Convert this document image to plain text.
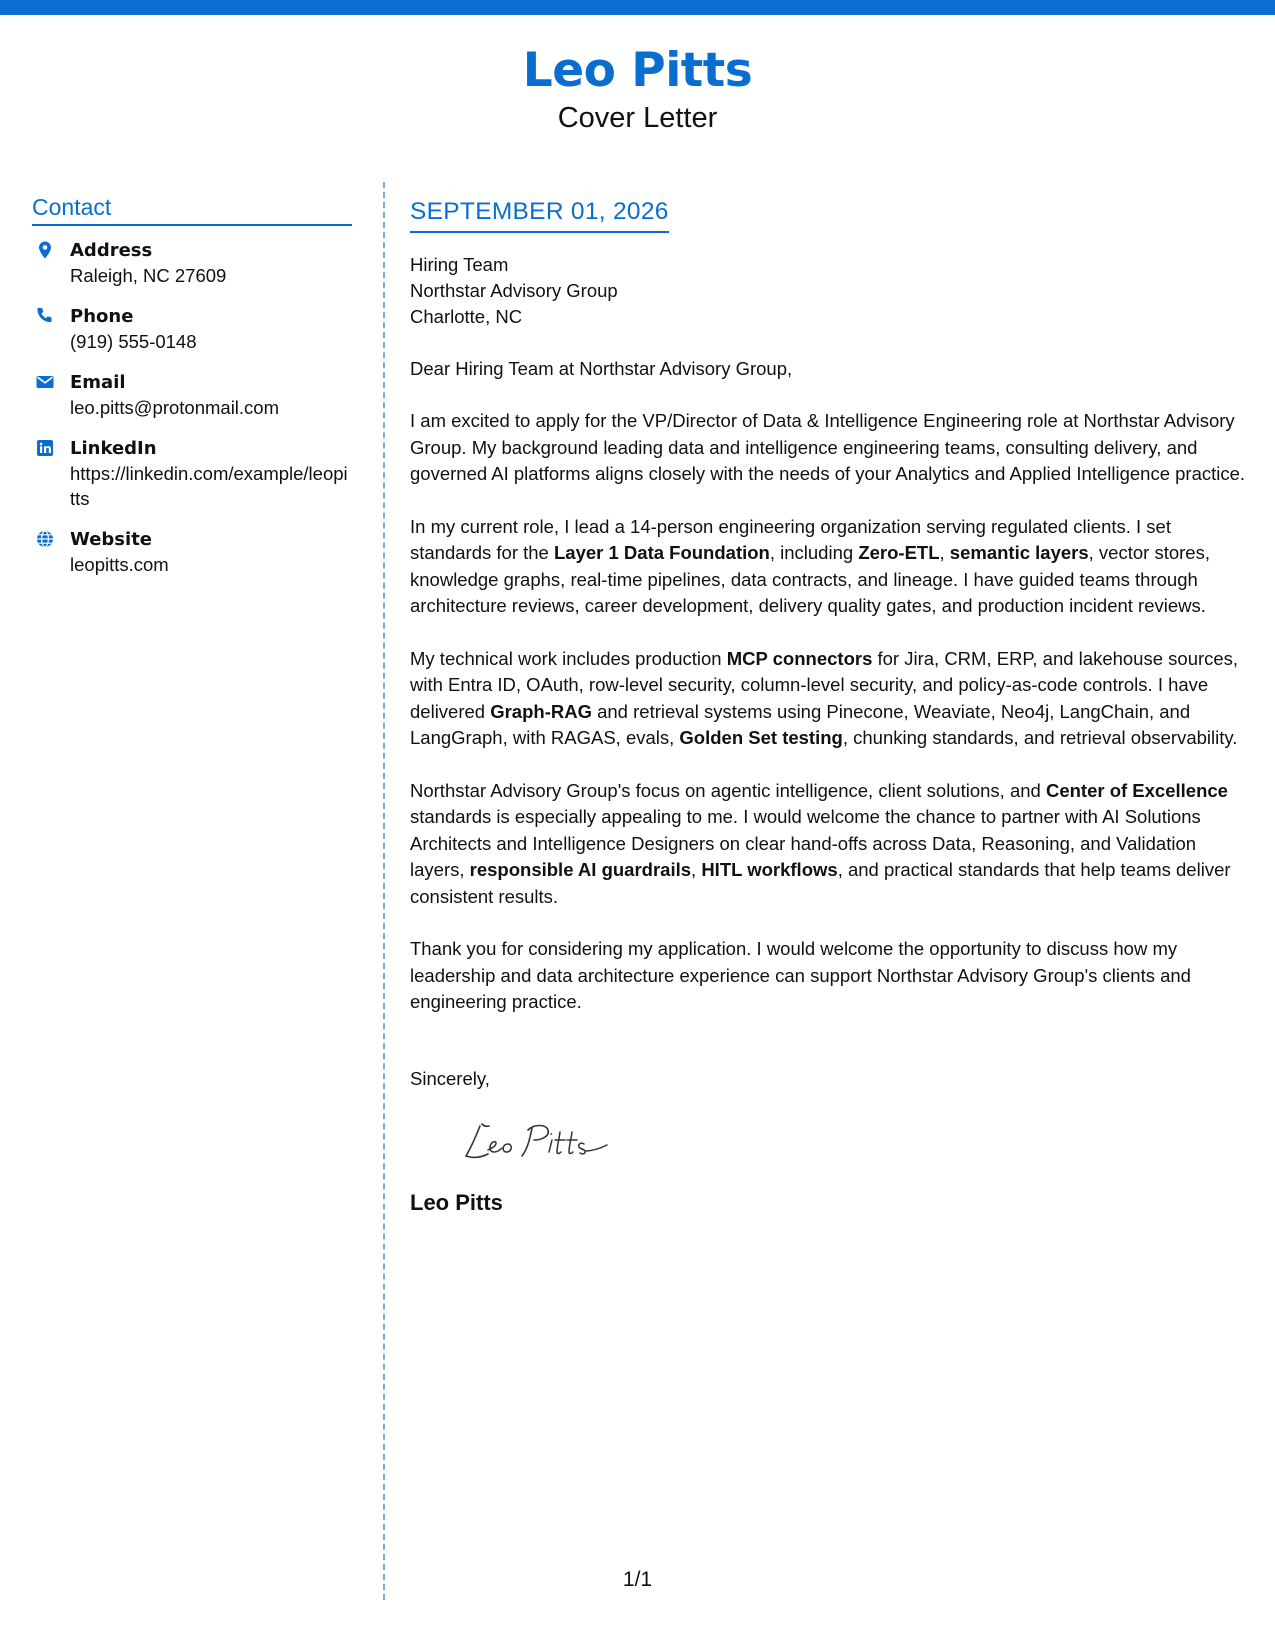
Leo Pitts
Cover Letter
Contact
Address
Raleigh, NC 27609
Phone
(919) 555-0148
Email
leo.pitts@protonmail.com
LinkedIn
https://linkedin.com/example/leopitts
Website
leopitts.com
SEPTEMBER 01, 2026
Hiring Team
Northstar Advisory Group
Charlotte, NC
Dear Hiring Team at Northstar Advisory Group,

I am excited to apply for the VP/Director of Data & Intelligence Engineering role at Northstar Advisory Group. My background leading data and intelligence engineering teams, consulting delivery, and governed AI platforms aligns closely with the needs of your Analytics and Applied Intelligence practice.

In my current role, I lead a 14-person engineering organization serving regulated clients. I set standards for the Layer 1 Data Foundation, including Zero-ETL, semantic layers, vector stores, knowledge graphs, real-time pipelines, data contracts, and lineage. I have guided teams through architecture reviews, career development, delivery quality gates, and production incident reviews.

My technical work includes production MCP connectors for Jira, CRM, ERP, and lakehouse sources, with Entra ID, OAuth, row-level security, column-level security, and policy-as-code controls. I have delivered Graph-RAG and retrieval systems using Pinecone, Weaviate, Neo4j, LangChain, and LangGraph, with RAGAS, evals, Golden Set testing, chunking standards, and retrieval observability.

Northstar Advisory Group's focus on agentic intelligence, client solutions, and Center of Excellence standards is especially appealing to me. I would welcome the chance to partner with AI Solutions Architects and Intelligence Designers on clear hand-offs across Data, Reasoning, and Validation layers, responsible AI guardrails, HITL workflows, and practical standards that help teams deliver consistent results.

Thank you for considering my application. I would welcome the opportunity to discuss how my leadership and data architecture experience can support Northstar Advisory Group's clients and engineering practice.

Sincerely,
Leo Pitts
1/1
